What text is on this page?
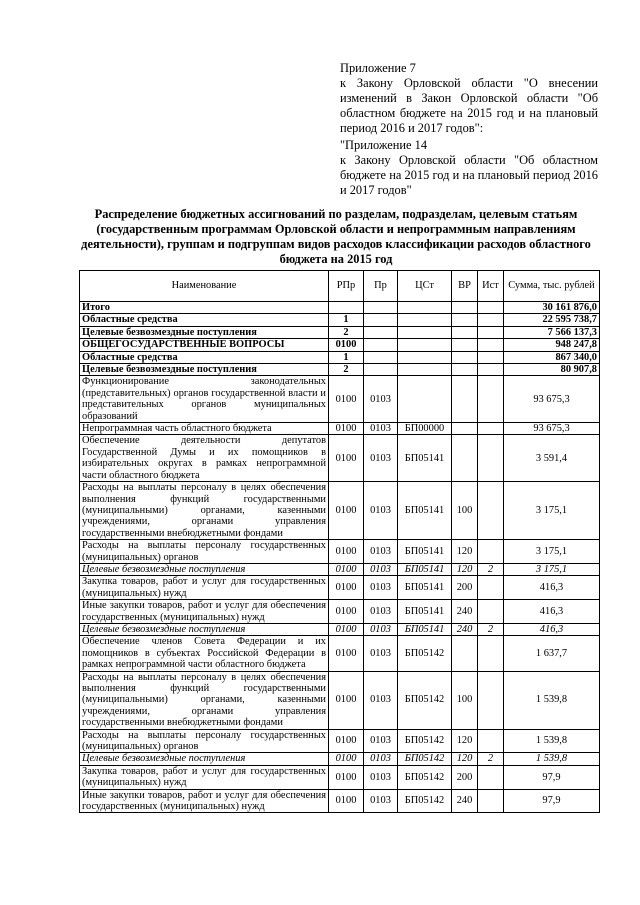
Приложение 7

к Закону Орловской области "О внесении изменений в Закон Орловской области "Об областном бюджете на 2015 год и на плановый период 2016 и 2017 годов":

"Приложение 14

к Закону Орловской области "Об областном бюджете на 2015 год и на плановый период 2016 и 2017 годов"

Распределение бюджетных ассигнований по разделам, подразделам, целевым статьям (государственным программам Орловской области и непрограммным направлениям деятельности), группам и подгруппам видов расходов классификации расходов областного бюджета на 2015 год
Наименование	РПр	Пр	ЦСт	ВР	Ист	Сумма, тыс. рублей
Итого						30 161 876,0
Областные средства	1					22 595 738,7
Целевые безвозмездные поступления	2					7 566 137,3
ОБЩЕГОСУДАРСТВЕННЫЕ ВОПРОСЫ	0100					948 247,8
Областные средства	1					867 340,0
Целевые безвозмездные поступления	2					80 907,8
Функционирование законодательных (представительных) органов государственной власти и представительных органов муниципальных образований	0100	0103				93 675,3
Непрограммная часть областного бюджета	0100	0103	БП00000			93 675,3
Обеспечение деятельности депутатов Государственной Думы и их помощников в избирательных округах в рамках непрограммной части областного бюджета	0100	0103	БП05141			3 591,4
Расходы на выплаты персоналу в целях обеспечения выполнения функций государственными (муниципальными) органами, казенными учреждениями, органами управления государственными внебюджетными фондами	0100	0103	БП05141	100		3 175,1
Расходы на выплаты персоналу государственных (муниципальных) органов	0100	0103	БП05141	120		3 175,1
Целевые безвозмездные поступления	0100	0103	БП05141	120	2	3 175,1
Закупка товаров, работ и услуг для государственных (муниципальных) нужд	0100	0103	БП05141	200		416,3
Иные закупки товаров, работ и услуг для обеспечения государственных (муниципальных) нужд	0100	0103	БП05141	240		416,3
Целевые безвозмездные поступления	0100	0103	БП05141	240	2	416,3
Обеспечение членов Совета Федерации и их помощников в субъектах Российской Федерации в рамках непрограммной части областного бюджета	0100	0103	БП05142			1 637,7
Расходы на выплаты персоналу в целях обеспечения выполнения функций государственными (муниципальными) органами, казенными учреждениями, органами управления государственными внебюджетными фондами	0100	0103	БП05142	100		1 539,8
Расходы на выплаты персоналу государственных (муниципальных) органов	0100	0103	БП05142	120		1 539,8
Целевые безвозмездные поступления	0100	0103	БП05142	120	2	1 539,8
Закупка товаров, работ и услуг для государственных (муниципальных) нужд	0100	0103	БП05142	200		97,9
Иные закупки товаров, работ и услуг для обеспечения государственных (муниципальных) нужд	0100	0103	БП05142	240		97,9
